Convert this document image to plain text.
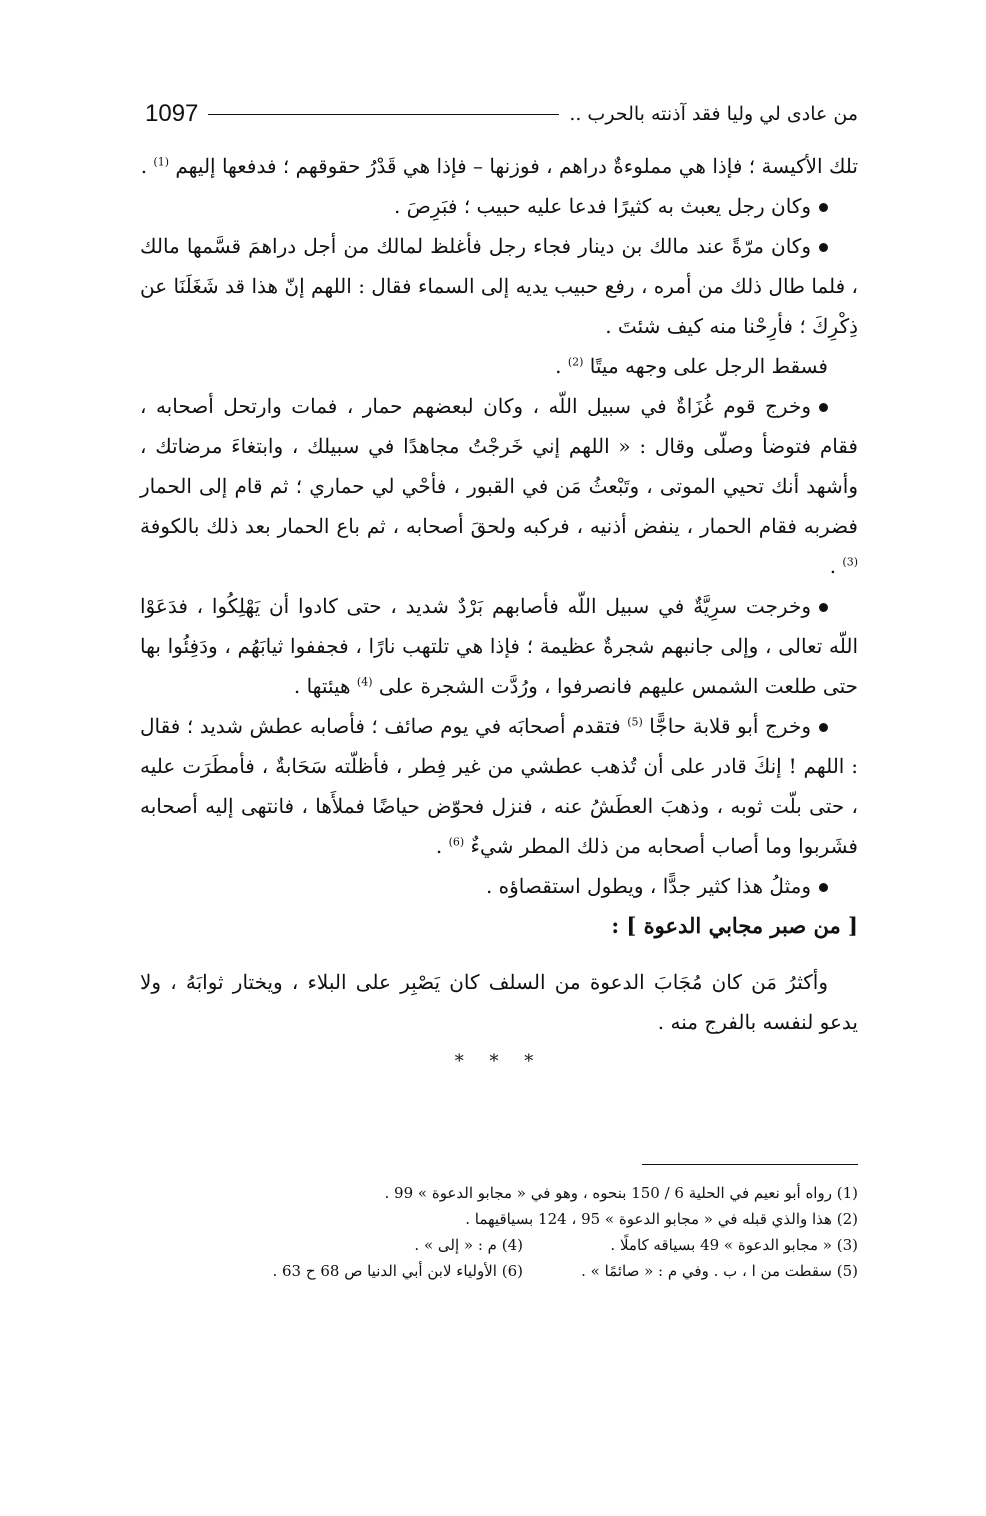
من عادى لي وليا فقد آذنته بالحرب ..
1097

تلك الأكيسة ؛ فإذا هي مملوءةٌ دراهم ، فوزنها – فإذا هي قَدْرُ حقوقهم ؛ فدفعها إليهم $^{(1)}$ .

وكان رجل يعبث به كثيرًا فدعا عليه حبيب ؛ فبَرِصَ .

وكان مرّةً عند مالك بن دينار فجاء رجل فأغلظ لمالك من أجل دراهمَ قسَّمها مالك ، فلما طال ذلك من أمره ، رفع حبيب يديه إلى السماء فقال : اللهم إنّ هذا قد شَغَلَنَا عن ذِكْرِكَ ؛ فأرِحْنا منه كيف شئتَ .

فسقط الرجل على وجهه ميتًا $^{(2)}$ .

وخرج قوم غُزَاةٌ في سبيل اللّه ، وكان لبعضهم حمار ، فمات وارتحل أصحابه ، فقام فتوضأ وصلّى وقال : « اللهم إني خَرجْتُ مجاهدًا في سبيلك ، وابتغاءَ مرضاتك ، وأشهد أنك تحيي الموتى ، وتَبْعثُ مَن في القبور ، فأحْي لي حماري ؛ ثم قام إلى الحمار فضربه فقام الحمار ، ينفض أذنيه ، فركبه ولحقَ أصحابه ، ثم باع الحمار بعد ذلك بالكوفة $^{(3)}$ .

وخرجت سرِيَّةٌ في سبيل اللّه فأصابهم بَرْدٌ شديد ، حتى كادوا أن يَهْلِكُوا ، فدَعَوْا اللّه تعالى ، وإلى جانبهم شجرةٌ عظيمة ؛ فإذا هي تلتهب نارًا ، فجففوا ثيابَهُم ، ودَفِئُوا بها حتى طلعت الشمس عليهم فانصرفوا ، ورُدَّت الشجرة على $^{(4)}$ هيئتها .

وخرج أبو قلابة حاجًّا $^{(5)}$ فتقدم أصحابَه في يوم صائف ؛ فأصابه عطش شديد ؛ فقال : اللهم ! إنكَ قادر على أن تُذهب عطشي من غير فِطر ، فأظلّته سَحَابةٌ ، فأمطَرَت عليه ، حتى بلّت ثوبه ، وذهبَ العطَشُ عنه ، فنزل فحوّض حياضًا فملأَها ، فانتهى إليه أصحابه فشَربوا وما أصاب أصحابه من ذلك المطر شيءٌ $^{(6)}$ .

ومثلُ هذا كثير جدًّا ، ويطول استقصاؤه .

[ من صبر مجابي الدعوة ] :

وأكثرُ مَن كان مُجَابَ الدعوة من السلف كان يَصْبِر على البلاء ، ويختار ثوابَهُ ، ولا يدعو لنفسه بالفرج منه .

* * *

(1) رواه أبو نعيم في الحلية 6 / 150 بنحوه ، وهو في « مجابو الدعوة » 99 .
(2) هذا والذي قبله في « مجابو الدعوة » 95 ، 124 بسياقيهما .
(3) « مجابو الدعوة » 49 بسياقه كاملًا .
(4) م : « إلى » .
(5) سقطت من ا ، ب . وفي م : « صائمًا » .
(6) الأولياء لابن أبي الدنيا ص 68 ح 63 .
